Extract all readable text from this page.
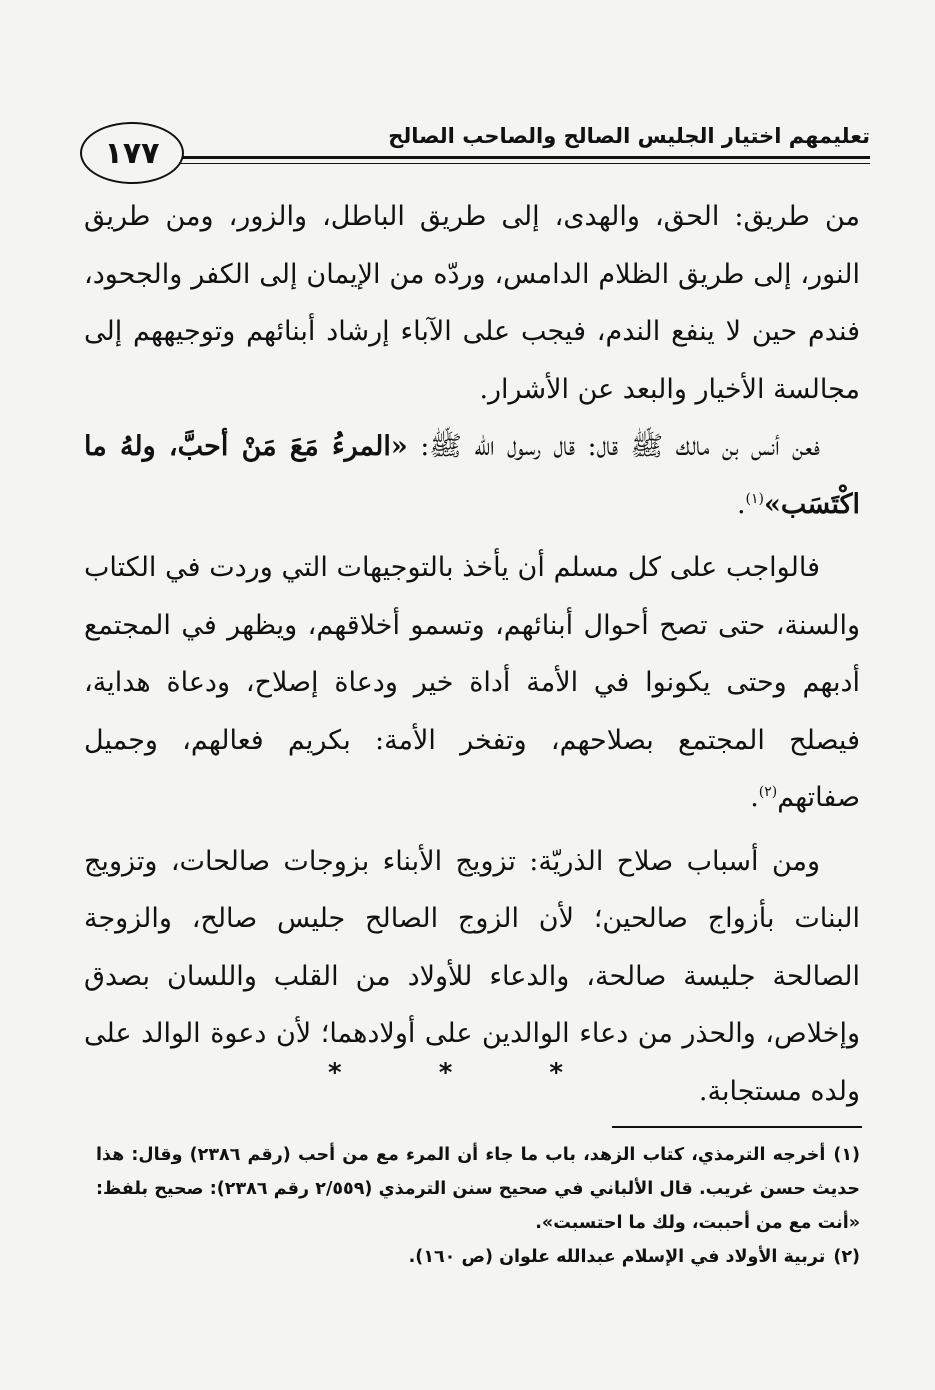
١٧٧	تعليمهم اختيار الجليس الصالح والصاحب الصالح

من طريق: الحق، والهدى، إلى طريق الباطل، والزور، ومن طريق النور، إلى طريق الظلام الدامس، وردّه من الإيمان إلى الكفر والجحود، فندم حين لا ينفع الندم، فيجب على الآباء إرشاد أبنائهم وتوجيههم إلى مجالسة الأخيار والبعد عن الأشرار.

فعن أنس بن مالك ﷺ قال: قال رسول الله ﷺ: «المرءُ مَعَ مَنْ أحبَّ، ولهُ ما اكْتَسَب»$^{(١)}$.

فالواجب على كل مسلم أن يأخذ بالتوجيهات التي وردت في الكتاب والسنة، حتى تصح أحوال أبنائهم، وتسمو أخلاقهم، ويظهر في المجتمع أدبهم وحتى يكونوا في الأمة أداة خير ودعاة إصلاح، ودعاة هداية، فيصلح المجتمع بصلاحهم، وتفخر الأمة: بكريم فعالهم، وجميل صفاتهم$^{(٢)}$.

ومن أسباب صلاح الذريّة: تزويج الأبناء بزوجات صالحات، وتزويج البنات بأزواج صالحين؛ لأن الزوج الصالح جليس صالح، والزوجة الصالحة جليسة صالحة، والدعاء للأولاد من القلب واللسان بصدق وإخلاص، والحذر من دعاء الوالدين على أولادهما؛ لأن دعوة الوالد على ولده مستجابة.

* * *

(١)أخرجه الترمذي، كتاب الزهد، باب ما جاء أن المرء مع من أحب (رقم ٢٣٨٦) وقال: هذا حديث حسن غريب. قال الألباني في صحيح سنن الترمذي (٢/٥٥٩ رقم ٢٣٨٦): صحيح بلفظ: «أنت مع من أحببت، ولك ما احتسبت».

(٢)تربية الأولاد في الإسلام عبدالله علوان (ص ١٦٠).
